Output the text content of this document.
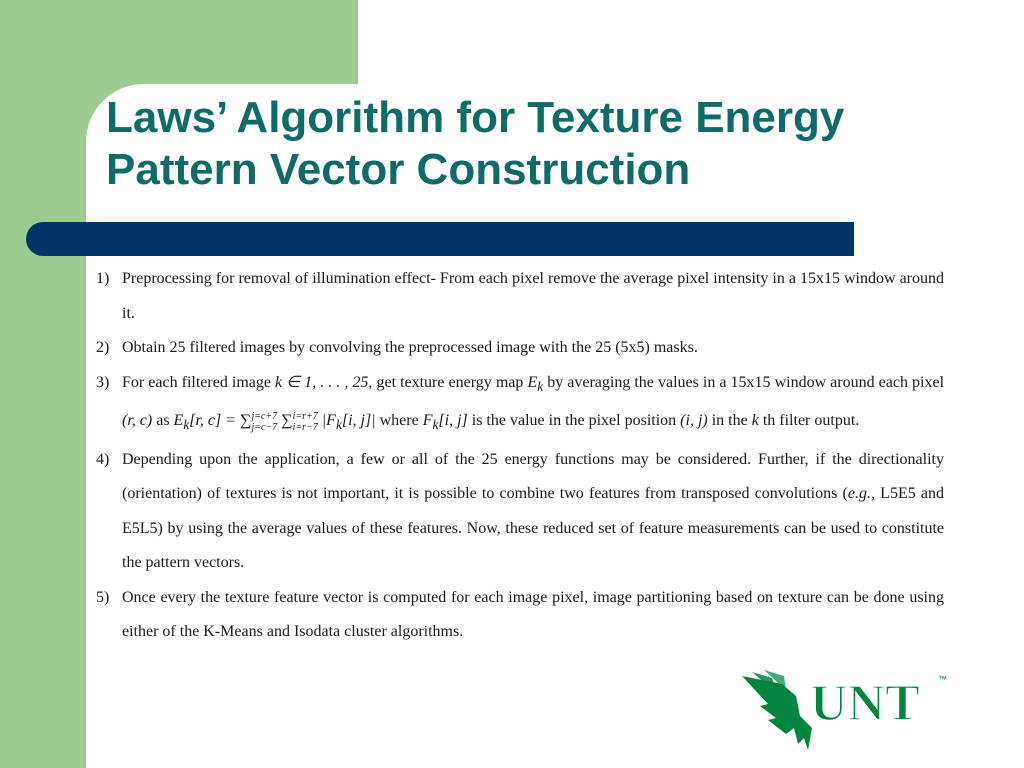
Laws’ Algorithm for Texture Energy
Pattern Vector Construction
1) Preprocessing for removal of illumination effect- From each pixel remove the average pixel intensity in a 15x15 window around it.
2) Obtain 25 filtered images by convolving the preprocessed image with the 25 (5x5) masks.
3) For each filtered image k ∈ 1, . . . , 25, get texture energy map $E_k$ by averaging the values in a 15x15 window around each pixel (r, c) as $E_k[r$, c] = ∑ j=c+7
j=c−7 ∑ i=r+7
i=r−7 $|F_k[i$, j]| where $F_k[i$, j] is the value in the pixel position (i, j) in the k th filter output.
4) Depending upon the application, a few or all of the 25 energy functions may be considered. Further, if the directionality (orientation) of textures is not important, it is possible to combine two features from transposed convolutions (e.g., L5E5 and E5L5) by using the average values of these features. Now, these reduced set of feature measurements can be used to constitute the pattern vectors.
5) Once every the texture feature vector is computed for each image pixel, image partitioning based on texture can be done using either of the K-Means and Isodata cluster algorithms.
UNT ™
